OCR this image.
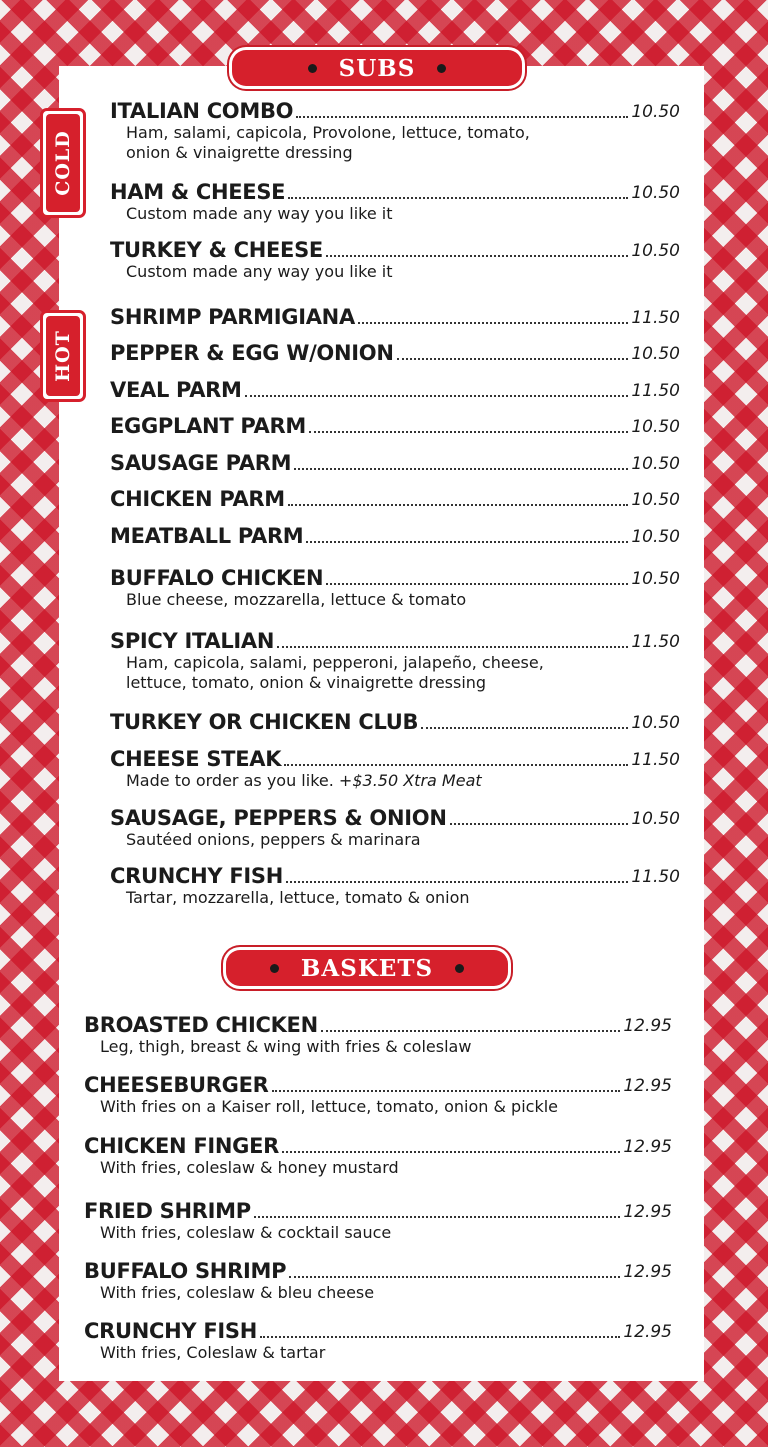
SUBS
COLD
HOT
ITALIAN COMBO	10.50
Ham, salami, capicola, Provolone, lettuce, tomato,
onion & vinaigrette dressing
HAM & CHEESE	10.50
Custom made any way you like it
TURKEY & CHEESE	10.50
Custom made any way you like it
SHRIMP PARMIGIANA	11.50
PEPPER & EGG W/ONION	10.50
VEAL PARM	11.50
EGGPLANT PARM	10.50
SAUSAGE PARM	10.50
CHICKEN PARM	10.50
MEATBALL PARM	10.50
BUFFALO CHICKEN	10.50
Blue cheese, mozzarella, lettuce & tomato
SPICY ITALIAN	11.50
Ham, capicola, salami, pepperoni, jalapeño, cheese,
lettuce, tomato, onion & vinaigrette dressing
TURKEY OR CHICKEN CLUB	10.50
CHEESE STEAK	11.50
Made to order as you like. +$3.50 Xtra Meat
SAUSAGE, PEPPERS & ONION	10.50
Sautéed onions, peppers & marinara
CRUNCHY FISH	11.50
Tartar, mozzarella, lettuce, tomato & onion
BASKETS
BROASTED CHICKEN	12.95
Leg, thigh, breast & wing with fries & coleslaw
CHEESEBURGER	12.95
With fries on a Kaiser roll, lettuce, tomato, onion & pickle
CHICKEN FINGER	12.95
With fries, coleslaw & honey mustard
FRIED SHRIMP	12.95
With fries, coleslaw & cocktail sauce
BUFFALO SHRIMP	12.95
With fries, coleslaw & bleu cheese
CRUNCHY FISH	12.95
With fries, Coleslaw & tartar
